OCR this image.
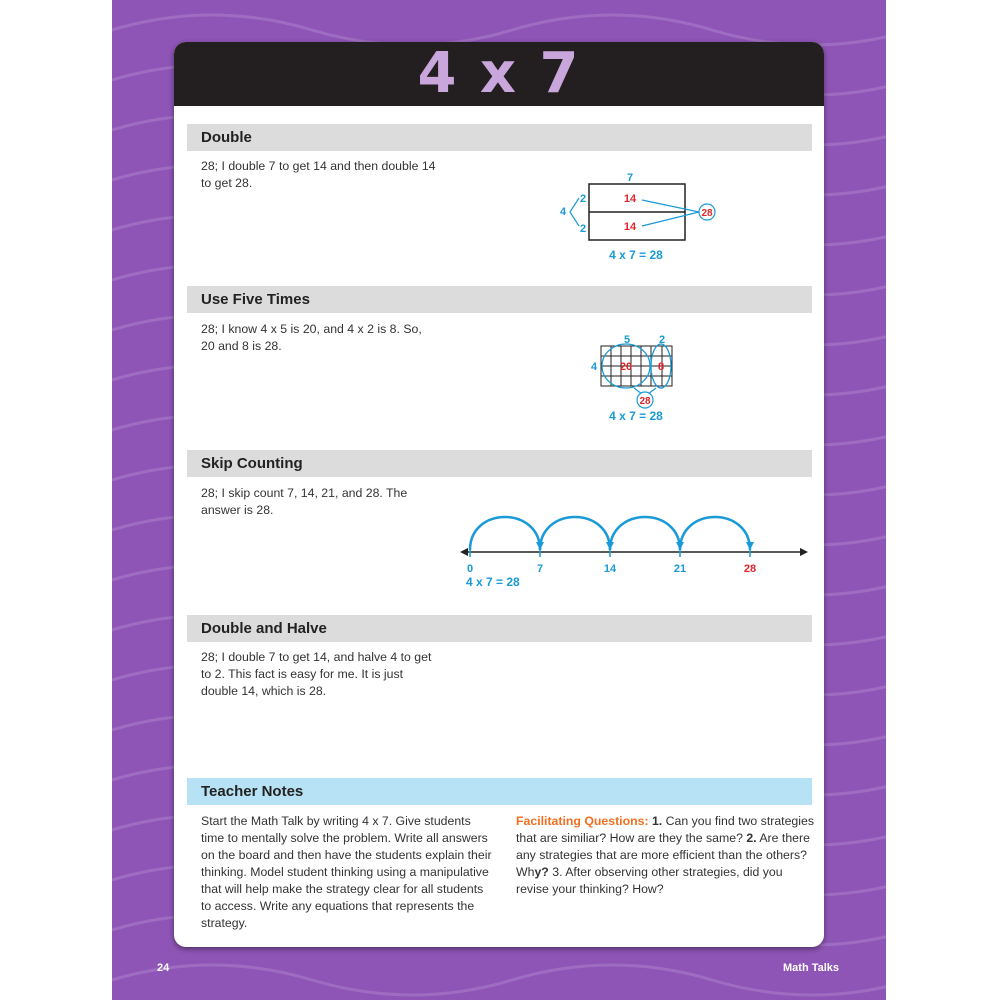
4 x 7
Double
28; I double 7 to get 14 and then double 14 to get 28.	7
14
14
4
2
2
28
4 x 7 = 28
Use Five Times
28; I know 4 x 5 is 20, and 4 x 2 is 8. So, 20 and 8 is 28.	5	2
4 20 8
28
4 x 7 = 28
Skip Counting
28; I skip count 7, 14, 21, and 28. The answer is 28.
0	7	14	21	28
4 x 7 = 28
Double and Halve
28; I double 7 to get 14, and halve 4 to get to 2. This fact is easy for me. It is just double 14, which is 28.
Teacher Notes
Start the Math Talk by writing 4 x 7. Give students time to mentally solve the problem. Write all answers on the board and then have the students explain their thinking. Model student thinking using a manipulative that will help make the strategy clear for all students to access. Write any equations that represents the strategy.
Facilitating Questions: 1. Can you find two strategies that are similiar? How are they the same? 2. Are there any strategies that are more efficient than the others? Why? 3. After observing other strategies, did you revise your thinking? How?
24	Math Talks
